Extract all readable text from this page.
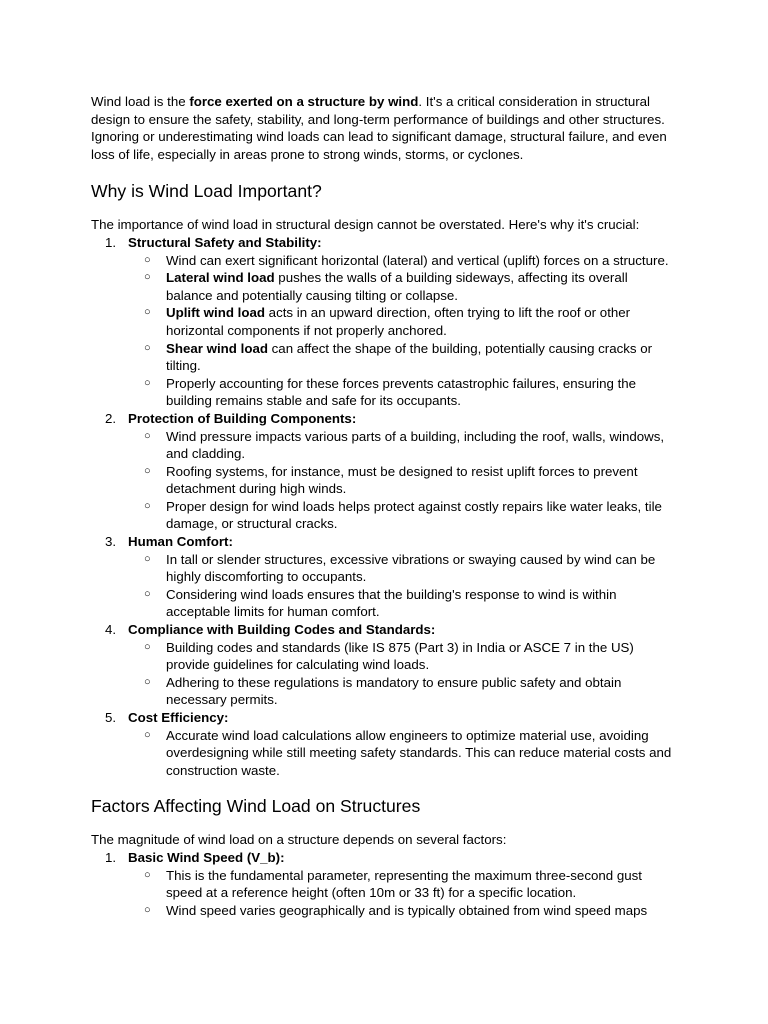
Wind load is the force exerted on a structure by wind. It's a critical consideration in structural design to ensure the safety, stability, and long-term performance of buildings and other structures. Ignoring or underestimating wind loads can lead to significant damage, structural failure, and even loss of life, especially in areas prone to strong winds, storms, or cyclones.

Why is Wind Load Important?

The importance of wind load in structural design cannot be overstated. Here's why it's crucial:

1. Structural Safety and Stability:
○ Wind can exert significant horizontal (lateral) and vertical (uplift) forces on a structure.
○ Lateral wind load pushes the walls of a building sideways, affecting its overall balance and potentially causing tilting or collapse.
○ Uplift wind load acts in an upward direction, often trying to lift the roof or other horizontal components if not properly anchored.
○ Shear wind load can affect the shape of the building, potentially causing cracks or tilting.
○ Properly accounting for these forces prevents catastrophic failures, ensuring the building remains stable and safe for its occupants.
2. Protection of Building Components:
○ Wind pressure impacts various parts of a building, including the roof, walls, windows, and cladding.
○ Roofing systems, for instance, must be designed to resist uplift forces to prevent detachment during high winds.
○ Proper design for wind loads helps protect against costly repairs like water leaks, tile damage, or structural cracks.
3. Human Comfort:
○ In tall or slender structures, excessive vibrations or swaying caused by wind can be highly discomforting to occupants.
○ Considering wind loads ensures that the building's response to wind is within acceptable limits for human comfort.
4. Compliance with Building Codes and Standards:
○ Building codes and standards (like IS 875 (Part 3) in India or ASCE 7 in the US) provide guidelines for calculating wind loads.
○ Adhering to these regulations is mandatory to ensure public safety and obtain necessary permits.
5. Cost Efficiency:
○ Accurate wind load calculations allow engineers to optimize material use, avoiding overdesigning while still meeting safety standards. This can reduce material costs and construction waste.
Factors Affecting Wind Load on Structures

The magnitude of wind load on a structure depends on several factors:

1. Basic Wind Speed (V_b):
○ This is the fundamental parameter, representing the maximum three-second gust speed at a reference height (often 10m or 33 ft) for a specific location.
○ Wind speed varies geographically and is typically obtained from wind speed maps
